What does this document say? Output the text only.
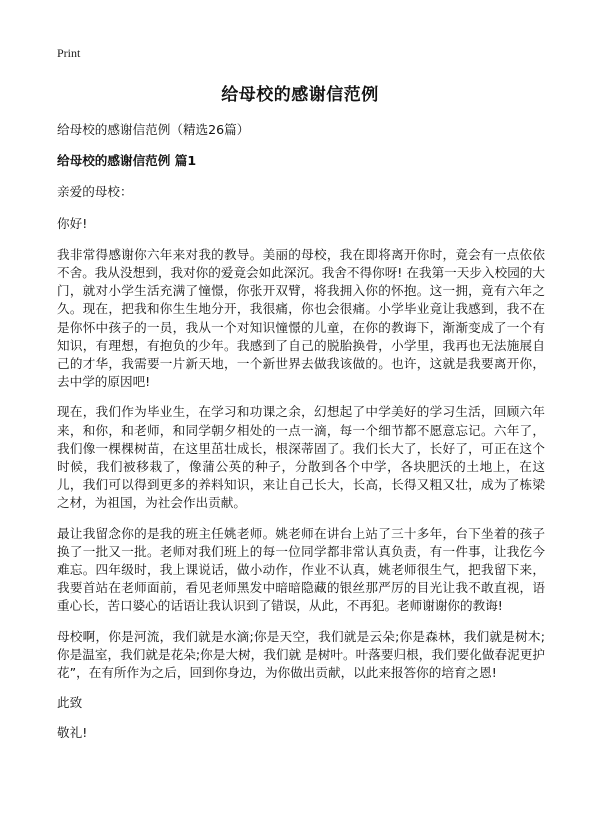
Print
给母校的感谢信范例

给母校的感谢信范例（精选26篇）

给母校的感谢信范例 篇1

亲爱的母校：

你好!

我非常得感谢你六年来对我的教导。美丽的母校，我在即将离开你时，竟会有一点依依不舍。我从没想到，我对你的爱竟会如此深沉。我舍不得你呀! 在我第一天步入校园的大门，就对小学生活充满了憧憬，你张开双臂，将我拥入你的怀抱。这一拥，竟有六年之久。现在，把我和你生生地分开，我很痛，你也会很痛。小学毕业竟让我感到，我不在是你怀中孩子的一员，我从一个对知识憧憬的儿童，在你的教诲下，渐渐变成了一个有知识，有理想，有抱负的少年。我感到了自己的脱胎换骨，小学里，我再也无法施展自己的才华，我需要一片新天地，一个新世界去做我该做的。也许，这就是我要离开你，去中学的原因吧!

现在，我们作为毕业生，在学习和功课之余，幻想起了中学美好的学习生活，回顾六年来，和你，和老师，和同学朝夕相处的一点一滴，每一个细节都不愿意忘记。六年了，我们像一棵棵树苗，在这里茁壮成长，根深蒂固了。我们长大了，长好了，可正在这个时候，我们被移栽了，像蒲公英的种子，分散到各个中学，各块肥沃的土地上，在这儿，我们可以得到更多的养料知识，来让自己长大，长高，长得又粗又壮，成为了栋梁之材，为祖国，为社会作出贡献。

最让我留念你的是我的班主任姚老师。姚老师在讲台上站了三十多年，台下坐着的孩子换了一批又一批。老师对我们班上的每一位同学都非常认真负责，有一件事，让我仡今难忘。四年级时，我上课说话，做小动作，作业不认真，姚老师很生气，把我留下来，我要首站在老师面前，看见老师黑发中暗暗隐藏的银丝那严厉的目光让我不敢直视，语重心长，苦口婆心的话语让我认识到了错误，从此，不再犯。老师谢谢你的教诲!

母校啊，你是河流，我们就是水滴;你是天空，我们就是云朵;你是森林，我们就是树木;你是温室，我们就是花朵;你是大树，我们就 是树叶。叶落要归根，我们要化做春泥更护花”，在有所作为之后，回到你身边，为你做出贡献，以此来报答你的培育之恩!

此致

敬礼!
